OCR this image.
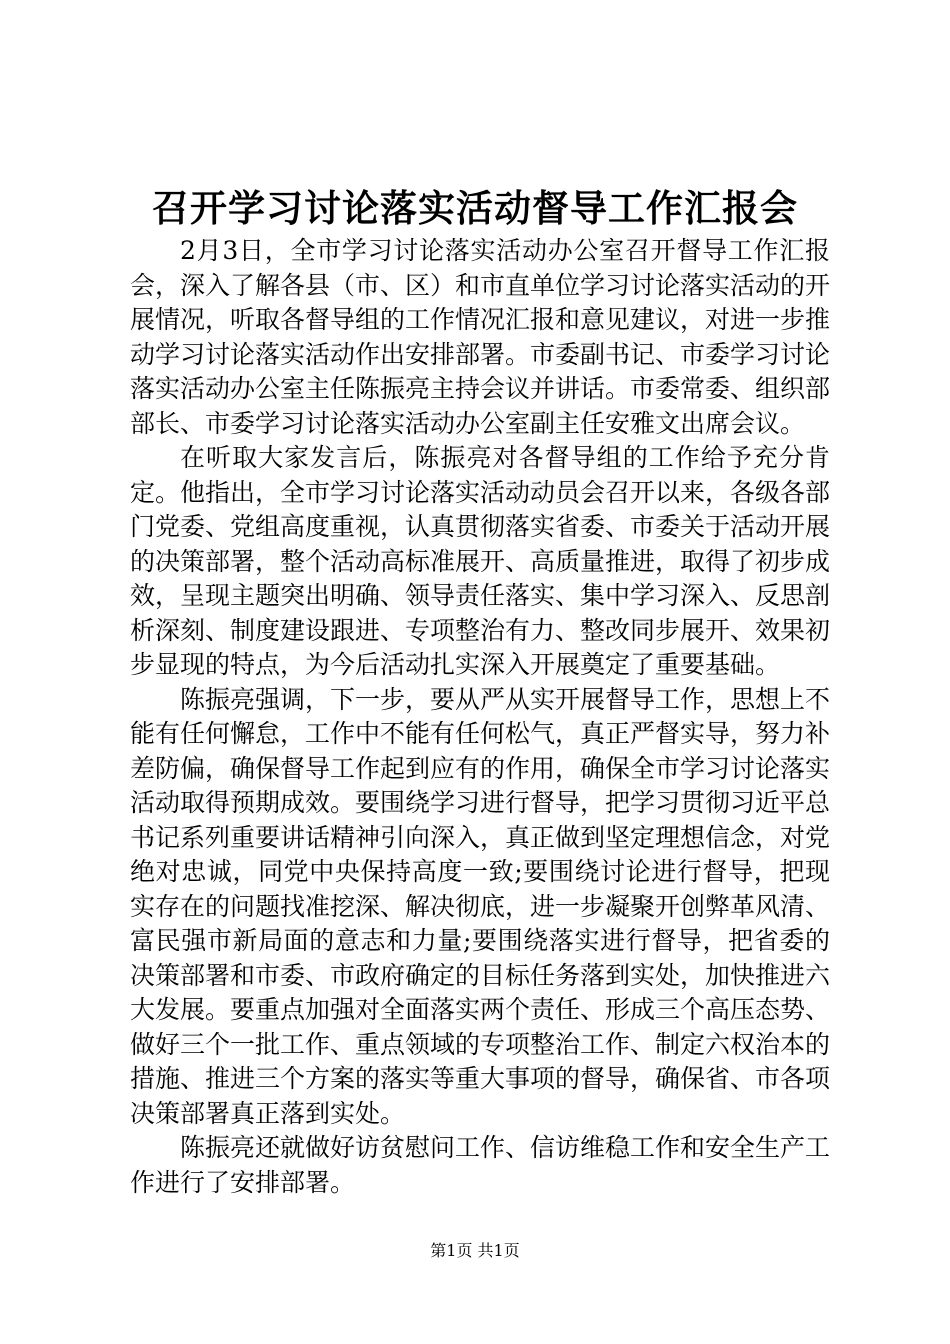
召开学习讨论落实活动督导工作汇报会

2月3日，全市学习讨论落实活动办公室召开督导工作汇报会，深入了解各县（市、区）和市直单位学习讨论落实活动的开展情况，听取各督导组的工作情况汇报和意见建议，对进一步推动学习讨论落实活动作出安排部署。市委副书记、市委学习讨论落实活动办公室主任陈振亮主持会议并讲话。市委常委、组织部部长、市委学习讨论落实活动办公室副主任安雅文出席会议。

在听取大家发言后，陈振亮对各督导组的工作给予充分肯定。他指出，全市学习讨论落实活动动员会召开以来，各级各部门党委、党组高度重视，认真贯彻落实省委、市委关于活动开展的决策部署，整个活动高标准展开、高质量推进，取得了初步成效，呈现主题突出明确、领导责任落实、集中学习深入、反思剖析深刻、制度建设跟进、专项整治有力、整改同步展开、效果初步显现的特点，为今后活动扎实深入开展奠定了重要基础。

陈振亮强调，下一步，要从严从实开展督导工作，思想上不能有任何懈怠，工作中不能有任何松气，真正严督实导，努力补差防偏，确保督导工作起到应有的作用，确保全市学习讨论落实活动取得预期成效。要围绕学习进行督导，把学习贯彻习近平总书记系列重要讲话精神引向深入，真正做到坚定理想信念，对党绝对忠诚，同党中央保持高度一致;要围绕讨论进行督导，把现实存在的问题找准挖深、解决彻底，进一步凝聚开创弊革风清、富民强市新局面的意志和力量;要围绕落实进行督导，把省委的决策部署和市委、市政府确定的目标任务落到实处，加快推进六大发展。要重点加强对全面落实两个责任、形成三个高压态势、做好三个一批工作、重点领域的专项整治工作、制定六权治本的措施、推进三个方案的落实等重大事项的督导，确保省、市各项决策部署真正落到实处。

陈振亮还就做好访贫慰问工作、信访维稳工作和安全生产工作进行了安排部署。

第1页 共1页
